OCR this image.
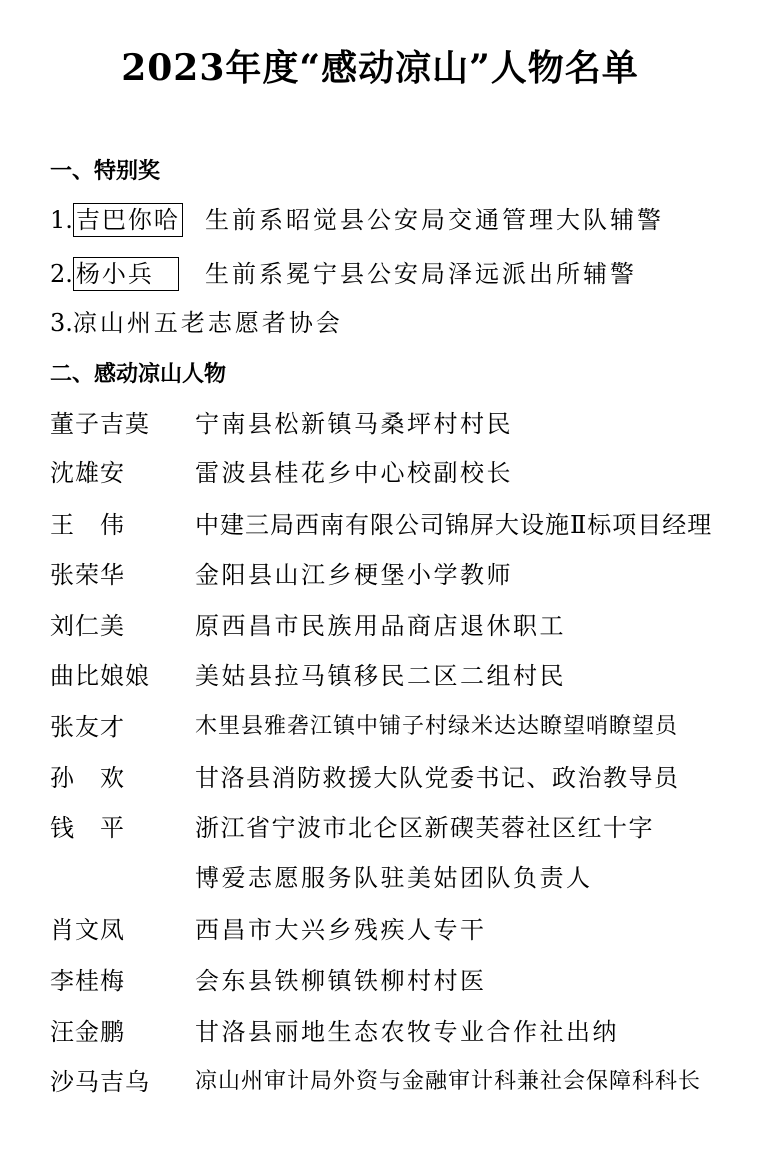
2023年度“感动凉山”人物名单
一、特别奖
1. 吉巴你哈 生前系昭觉县公安局交通管理大队辅警
2. 杨小兵 生前系冕宁县公安局泽远派出所辅警
3.凉山州五老志愿者协会
二、感动凉山人物
董子吉莫 宁南县松新镇马桑坪村村民
沈雄安	雷波县桂花乡中心校副校长
王　伟	中建三局西南有限公司锦屏大设施Ⅱ标项目经理
张荣华	金阳县山江乡梗堡小学教师
刘仁美	原西昌市民族用品商店退休职工
曲比娘娘 美姑县拉马镇移民二区二组村民
张友才	木里县雅砻江镇中铺子村绿米达达瞭望哨瞭望员
孙　欢	甘洛县消防救援大队党委书记、政治教导员
钱　平	浙江省宁波市北仑区新碶芙蓉社区红十字
博爱志愿服务队驻美姑团队负责人
肖文凤	西昌市大兴乡残疾人专干
李桂梅	会东县铁柳镇铁柳村村医
汪金鹏	甘洛县丽地生态农牧专业合作社出纳
沙马吉乌 凉山州审计局外资与金融审计科兼社会保障科科长
